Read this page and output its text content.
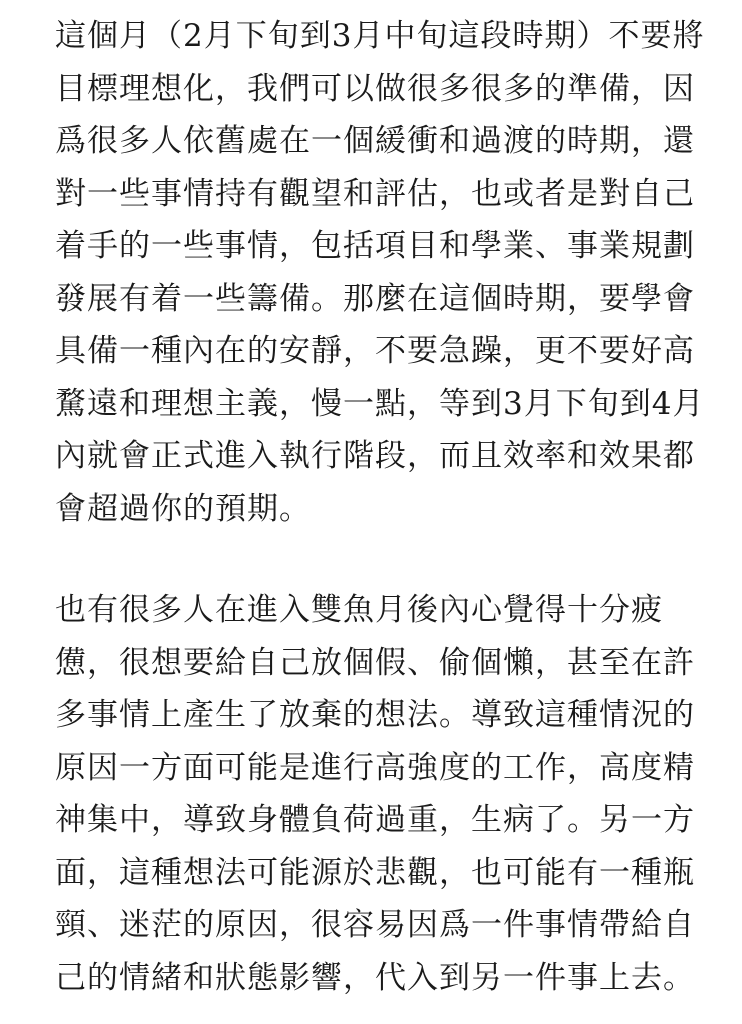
這個月（2月下旬到3月中旬這段時期）不要將
目標理想化，我們可以做很多很多的準備，因
爲很多人依舊處在一個緩衝和過渡的時期，還
對一些事情持有觀望和評估，也或者是對自己
着手的一些事情，包括項目和學業、事業規劃
發展有着一些籌備。那麼在這個時期，要學會
具備一種內在的安靜，不要急躁，更不要好高
騖遠和理想主義，慢一點，等到3月下旬到4月
內就會正式進入執行階段，而且效率和效果都
會超過你的預期。
也有很多人在進入雙魚月後內心覺得十分疲
憊，很想要給自己放個假、偷個懶，甚至在許
多事情上產生了放棄的想法。導致這種情況的
原因一方面可能是進行高強度的工作，高度精
神集中，導致身體負荷過重，生病了。另一方
面，這種想法可能源於悲觀，也可能有一種瓶
頸、迷茫的原因，很容易因爲一件事情帶給自
己的情緒和狀態影響，代入到另一件事上去。
